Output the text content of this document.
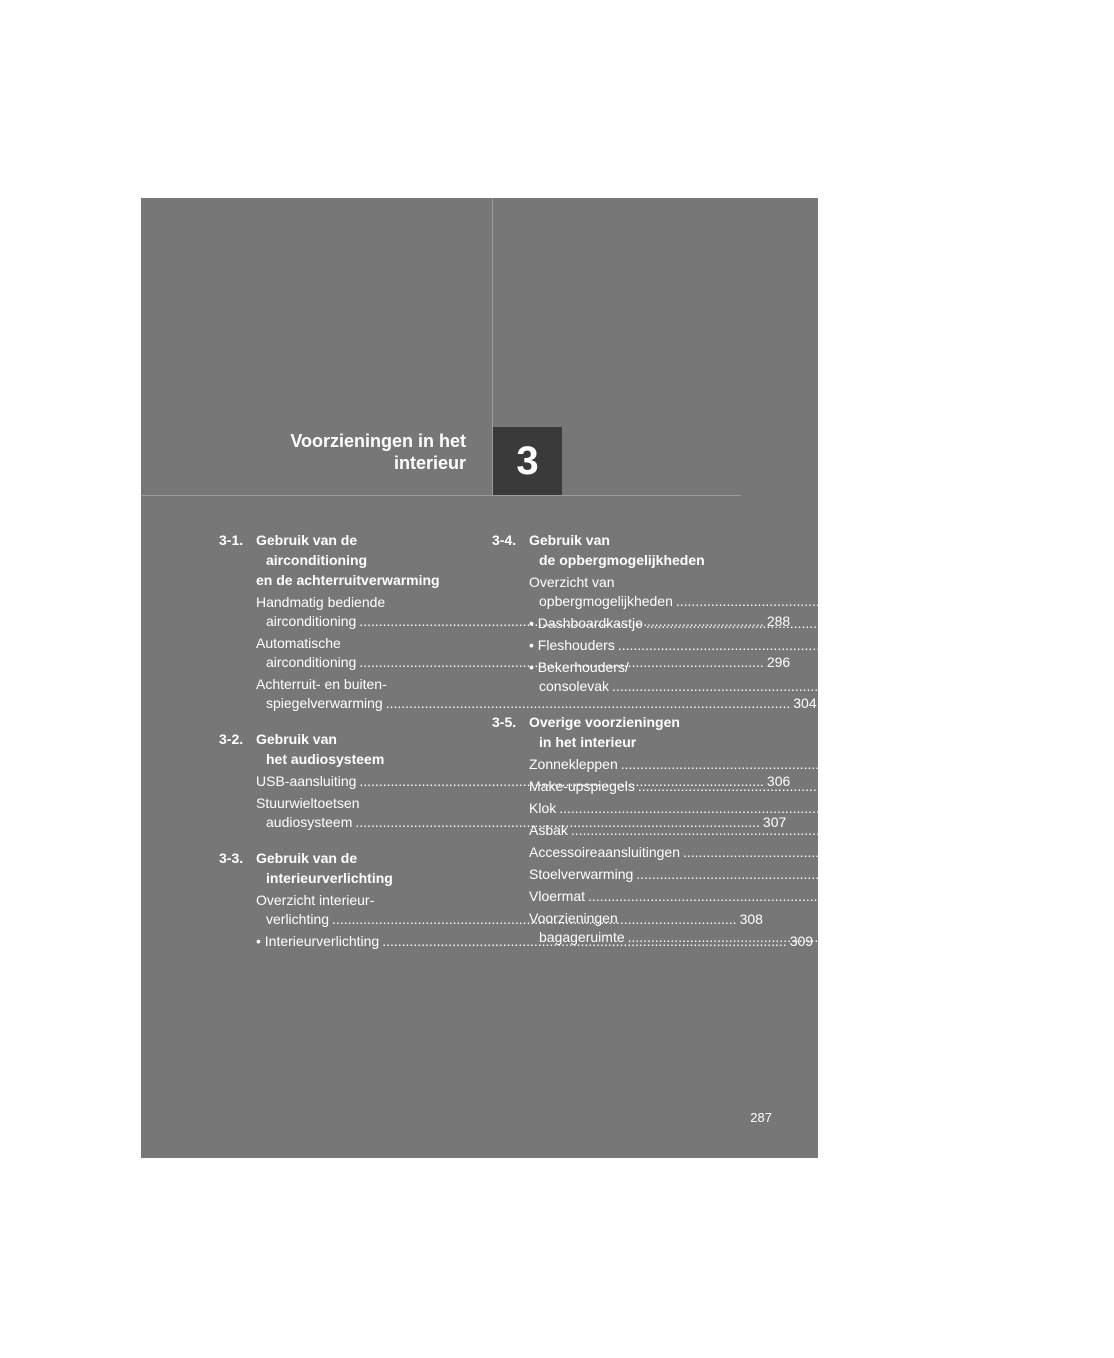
Voorzieningen in het
interieur 3
3-1. Gebruik van de
airconditioning
en de achterruitverwarming
Handmatig bediende
airconditioning .....	288
Automatische
airconditioning .....	296
Achterruit- en buiten-
spiegelverwarming .....	304
3-2. Gebruik van
het audiosysteem
USB-aansluiting .....	306
Stuurwieltoetsen
audiosysteem .....	307
3-3. Gebruik van de
interieurverlichting
Overzicht interieur-
verlichting .....	308
• Interieurverlichting .....	309
3-4. Gebruik van
de opbergmogelijkheden
Overzicht van
opbergmogelijkheden .....	310
• Dashboardkastje .....	311
• Fleshouders .....	312
• Bekerhouders/
consolevak .....	313
3-5. Overige voorzieningen
in het interieur
Zonnekleppen .....	315
Make-upspiegels .....	316
Klok .....	317
Asbak .....	318
Accessoireaansluitingen .....	319
Stoelverwarming .....	321
Vloermat .....	323
Voorzieningen
bagageruimte .....	326
287
